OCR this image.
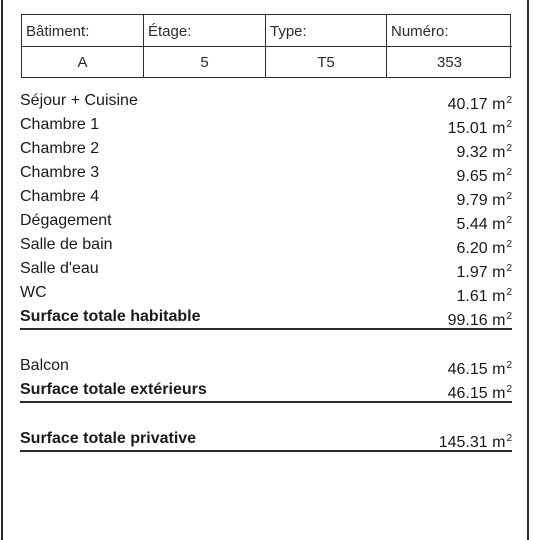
Bâtiment:
A
Étage:
5
Type:
T5
Numéro:
353
Séjour + Cuisine	40.17 $m^2$
Chambre 1	15.01 $m^2$
Chambre 2	9.32 $m^2$
Chambre 3	9.65 $m^2$
Chambre 4	9.79 $m^2$
Dégagement	5.44 $m^2$
Salle de bain	6.20 $m^2$
Salle d'eau	1.97 $m^2$
WC	1.61 $m^2$
Surface totale habitable	99.16 $m^2$
Balcon	46.15 $m^2$
Surface totale extérieurs	46.15 $m^2$
Surface totale privative	145.31 $m^2$
